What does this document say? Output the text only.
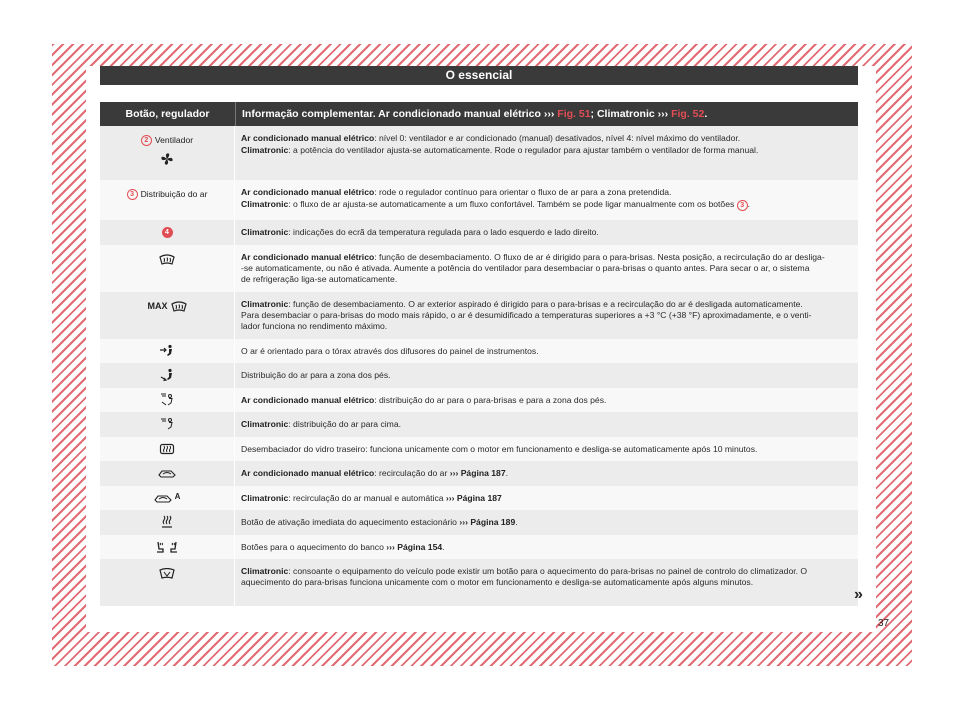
O essencial
Botão, regulador	Informação complementar. Ar condicionado manual elétrico ››› Fig. 51; Climatronic ››› Fig. 52.
2 Ventilador	Ar condicionado manual elétrico: nível 0: ventilador e ar condicionado (manual) desativados, nível 4: nível máximo do ventilador.
Climatronic: a potência do ventilador ajusta-se automaticamente. Rode o regulador para ajustar também o ventilador de forma manual.
3 Distribuição do ar	Ar condicionado manual elétrico: rode o regulador contínuo para orientar o fluxo de ar para a zona pretendida.
Climatronic: o fluxo de ar ajusta-se automaticamente a um fluxo confortável. Também se pode ligar manualmente com os botões 3 .
4	Climatronic: indicações do ecrã da temperatura regulada para o lado esquerdo e lado direito.
Ar condicionado manual elétrico: função de desembaciamento. O fluxo de ar é dirigido para o para-brisas. Nesta posição, a recirculação do ar desliga-
-se automaticamente, ou não é ativada. Aumente a potência do ventilador para desembaciar o para-brisas o quanto antes. Para secar o ar, o sistema
de refrigeração liga-se automaticamente.
MAX	Climatronic: função de desembaciamento. O ar exterior aspirado é dirigido para o para-brisas e a recirculação do ar é desligada automaticamente.
Para desembaciar o para-brisas do modo mais rápido, o ar é desumidificado a temperaturas superiores a +3 °C (+38 °F) aproximadamente, e o venti-
lador funciona no rendimento máximo.
O ar é orientado para o tórax através dos difusores do painel de instrumentos.
Distribuição do ar para a zona dos pés.
Ar condicionado manual elétrico: distribuição do ar para o para-brisas e para a zona dos pés.
Climatronic: distribuição do ar para cima.
Desembaciador do vidro traseiro: funciona unicamente com o motor em funcionamento e desliga-se automaticamente após 10 minutos.
Ar condicionado manual elétrico: recirculação do ar ››› Página 187.
A	Climatronic: recirculação do ar manual e automática ››› Página 187
Botão de ativação imediata do aquecimento estacionário ››› Página 189.
Botões para o aquecimento do banco ››› Página 154.
Climatronic: consoante o equipamento do veículo pode existir um botão para o aquecimento do para-brisas no painel de controlo do climatizador. O
aquecimento do para-brisas funciona unicamente com o motor em funcionamento e desliga-se automaticamente após alguns minutos.
»
37
